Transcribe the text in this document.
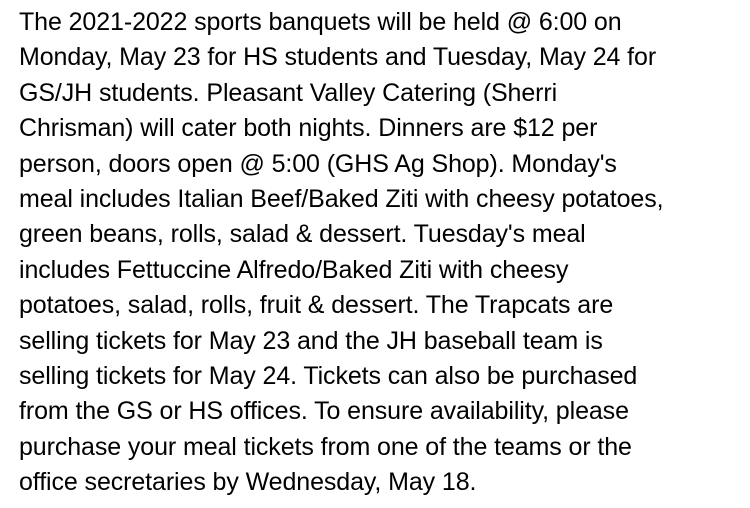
The 2021-2022 sports banquets will be held @ 6:00 on
Monday, May 23 for HS students and Tuesday, May 24 for
GS/JH students. Pleasant Valley Catering (Sherri
Chrisman) will cater both nights. Dinners are $12 per
person, doors open @ 5:00 (GHS Ag Shop). Monday's
meal includes Italian Beef/Baked Ziti with cheesy potatoes,
green beans, rolls, salad & dessert. Tuesday's meal
includes Fettuccine Alfredo/Baked Ziti with cheesy
potatoes, salad, rolls, fruit & dessert. The Trapcats are
selling tickets for May 23 and the JH baseball team is
selling tickets for May 24. Tickets can also be purchased
from the GS or HS offices. To ensure availability, please
purchase your meal tickets from one of the teams or the
office secretaries by Wednesday, May 18.
